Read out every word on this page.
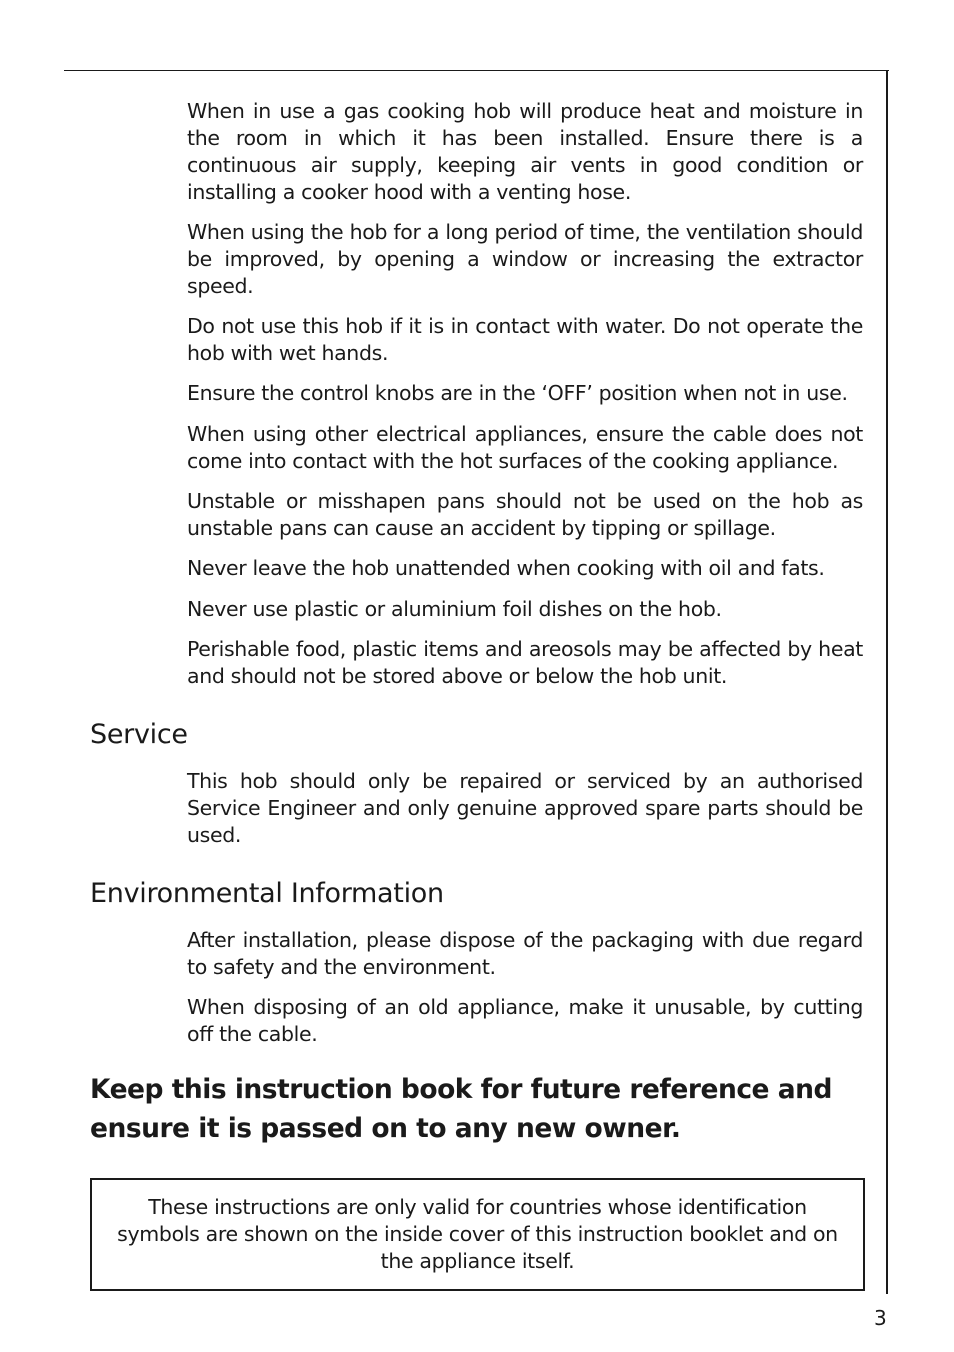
When in use a gas cooking hob will produce heat and moisture in the room in which it has been installed. Ensure there is a continuous air supply, keeping air vents in good condition or installing a cooker hood with a venting hose.

When using the hob for a long period of time, the ventilation should be improved, by opening a window or increasing the extractor speed.

Do not use this hob if it is in contact with water. Do not operate the hob with wet hands.

Ensure the control knobs are in the ‘OFF’ position when not in use.

When using other electrical appliances, ensure the cable does not come into contact with the hot surfaces of the cooking appliance.

Unstable or misshapen pans should not be used on the hob as unstable pans can cause an accident by tipping or spillage.

Never leave the hob unattended when cooking with oil and fats.

Never use plastic or aluminium foil dishes on the hob.

Perishable food, plastic items and areosols may be affected by heat and should not be stored above or below the hob unit.

Service

This hob should only be repaired or serviced by an authorised Service Engineer and only genuine approved spare parts should be used.

Environmental Information

After installation, please dispose of the packaging with due regard to safety and the environment.

When disposing of an old appliance, make it unusable, by cutting off the cable.

Keep this instruction book for future reference and ensure it is passed on to any new owner.

These instructions are only valid for countries whose identification symbols are shown on the inside cover of this instruction booklet and on the appliance itself.

3
